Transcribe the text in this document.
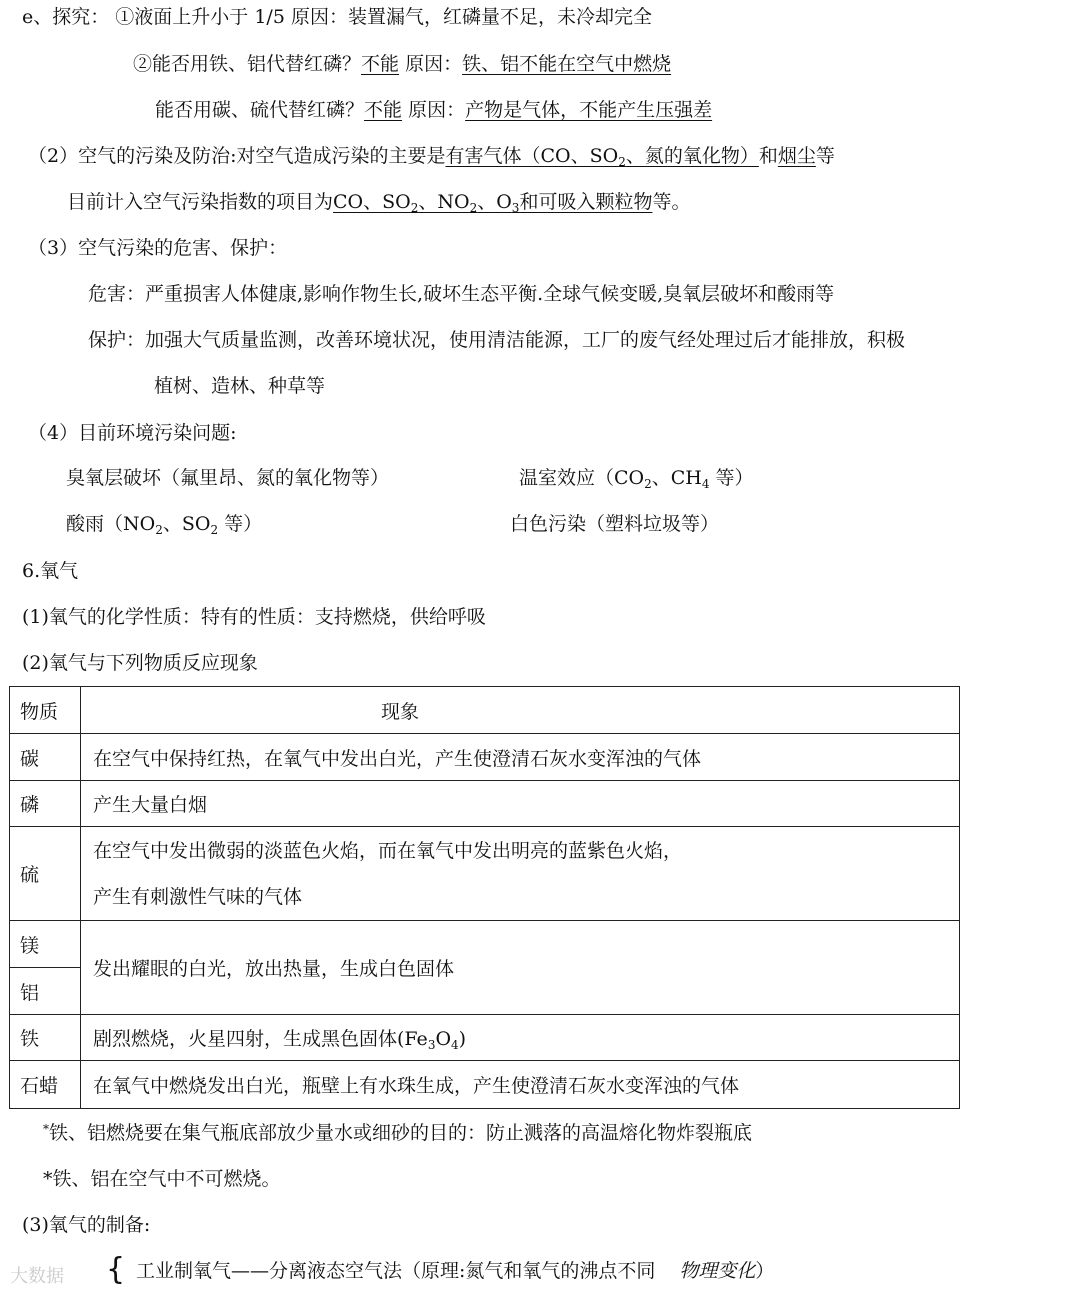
e、探究： ①液面上升小于 1/5 原因：装置漏气，红磷量不足，未冷却完全
②能否用铁、铝代替红磷？不能 原因：铁、铝不能在空气中燃烧
能否用碳、硫代替红磷？不能 原因：产物是气体，不能产生压强差
（2）空气的污染及防治:对空气造成污染的主要是有害气体（CO、$SO_2$、氮的氧化物）和烟尘等
目前计入空气污染指数的项目为CO、$SO_2$、$NO_2$、$O_3$和可吸入颗粒物等。
（3）空气污染的危害、保护：
危害：严重损害人体健康,影响作物生长,破坏生态平衡.全球气候变暖,臭氧层破坏和酸雨等
保护：加强大气质量监测，改善环境状况，使用清洁能源，工厂的废气经处理过后才能排放，积极
植树、造林、种草等
（4）目前环境污染问题:
臭氧层破坏（氟里昂、氮的氧化物等）	温室效应（$CO_2$、$CH_4$ 等）
酸雨（$NO_2$、$SO_2$ 等）	白色污染（塑料垃圾等）
6.氧气
(1)氧气的化学性质：特有的性质：支持燃烧，供给呼吸
(2)氧气与下列物质反应现象
物质	现象
碳	在空气中保持红热，在氧气中发出白光，产生使澄清石灰水变浑浊的气体
磷	产生大量白烟
硫	在空气中发出微弱的淡蓝色火焰，而在氧气中发出明亮的蓝紫色火焰，
产生有刺激性气味的气体

镁	发出耀眼的白光，放出热量，生成白色固体
铝	
铁	剧烈燃烧，火星四射，生成黑色固体$(Fe_3O_4)$
石蜡	在氧气中燃烧发出白光，瓶壁上有水珠生成，产生使澄清石灰水变浑浊的气体
*铁、铝燃烧要在集气瓶底部放少量水或细砂的目的：防止溅落的高温熔化物炸裂瓶底
*铁、铝在空气中不可燃烧。
(3)氧气的制备:
{ 工业制氧气——分离液态空气法（原理:氮气和氧气的沸点不同 物理变化）
大数据
